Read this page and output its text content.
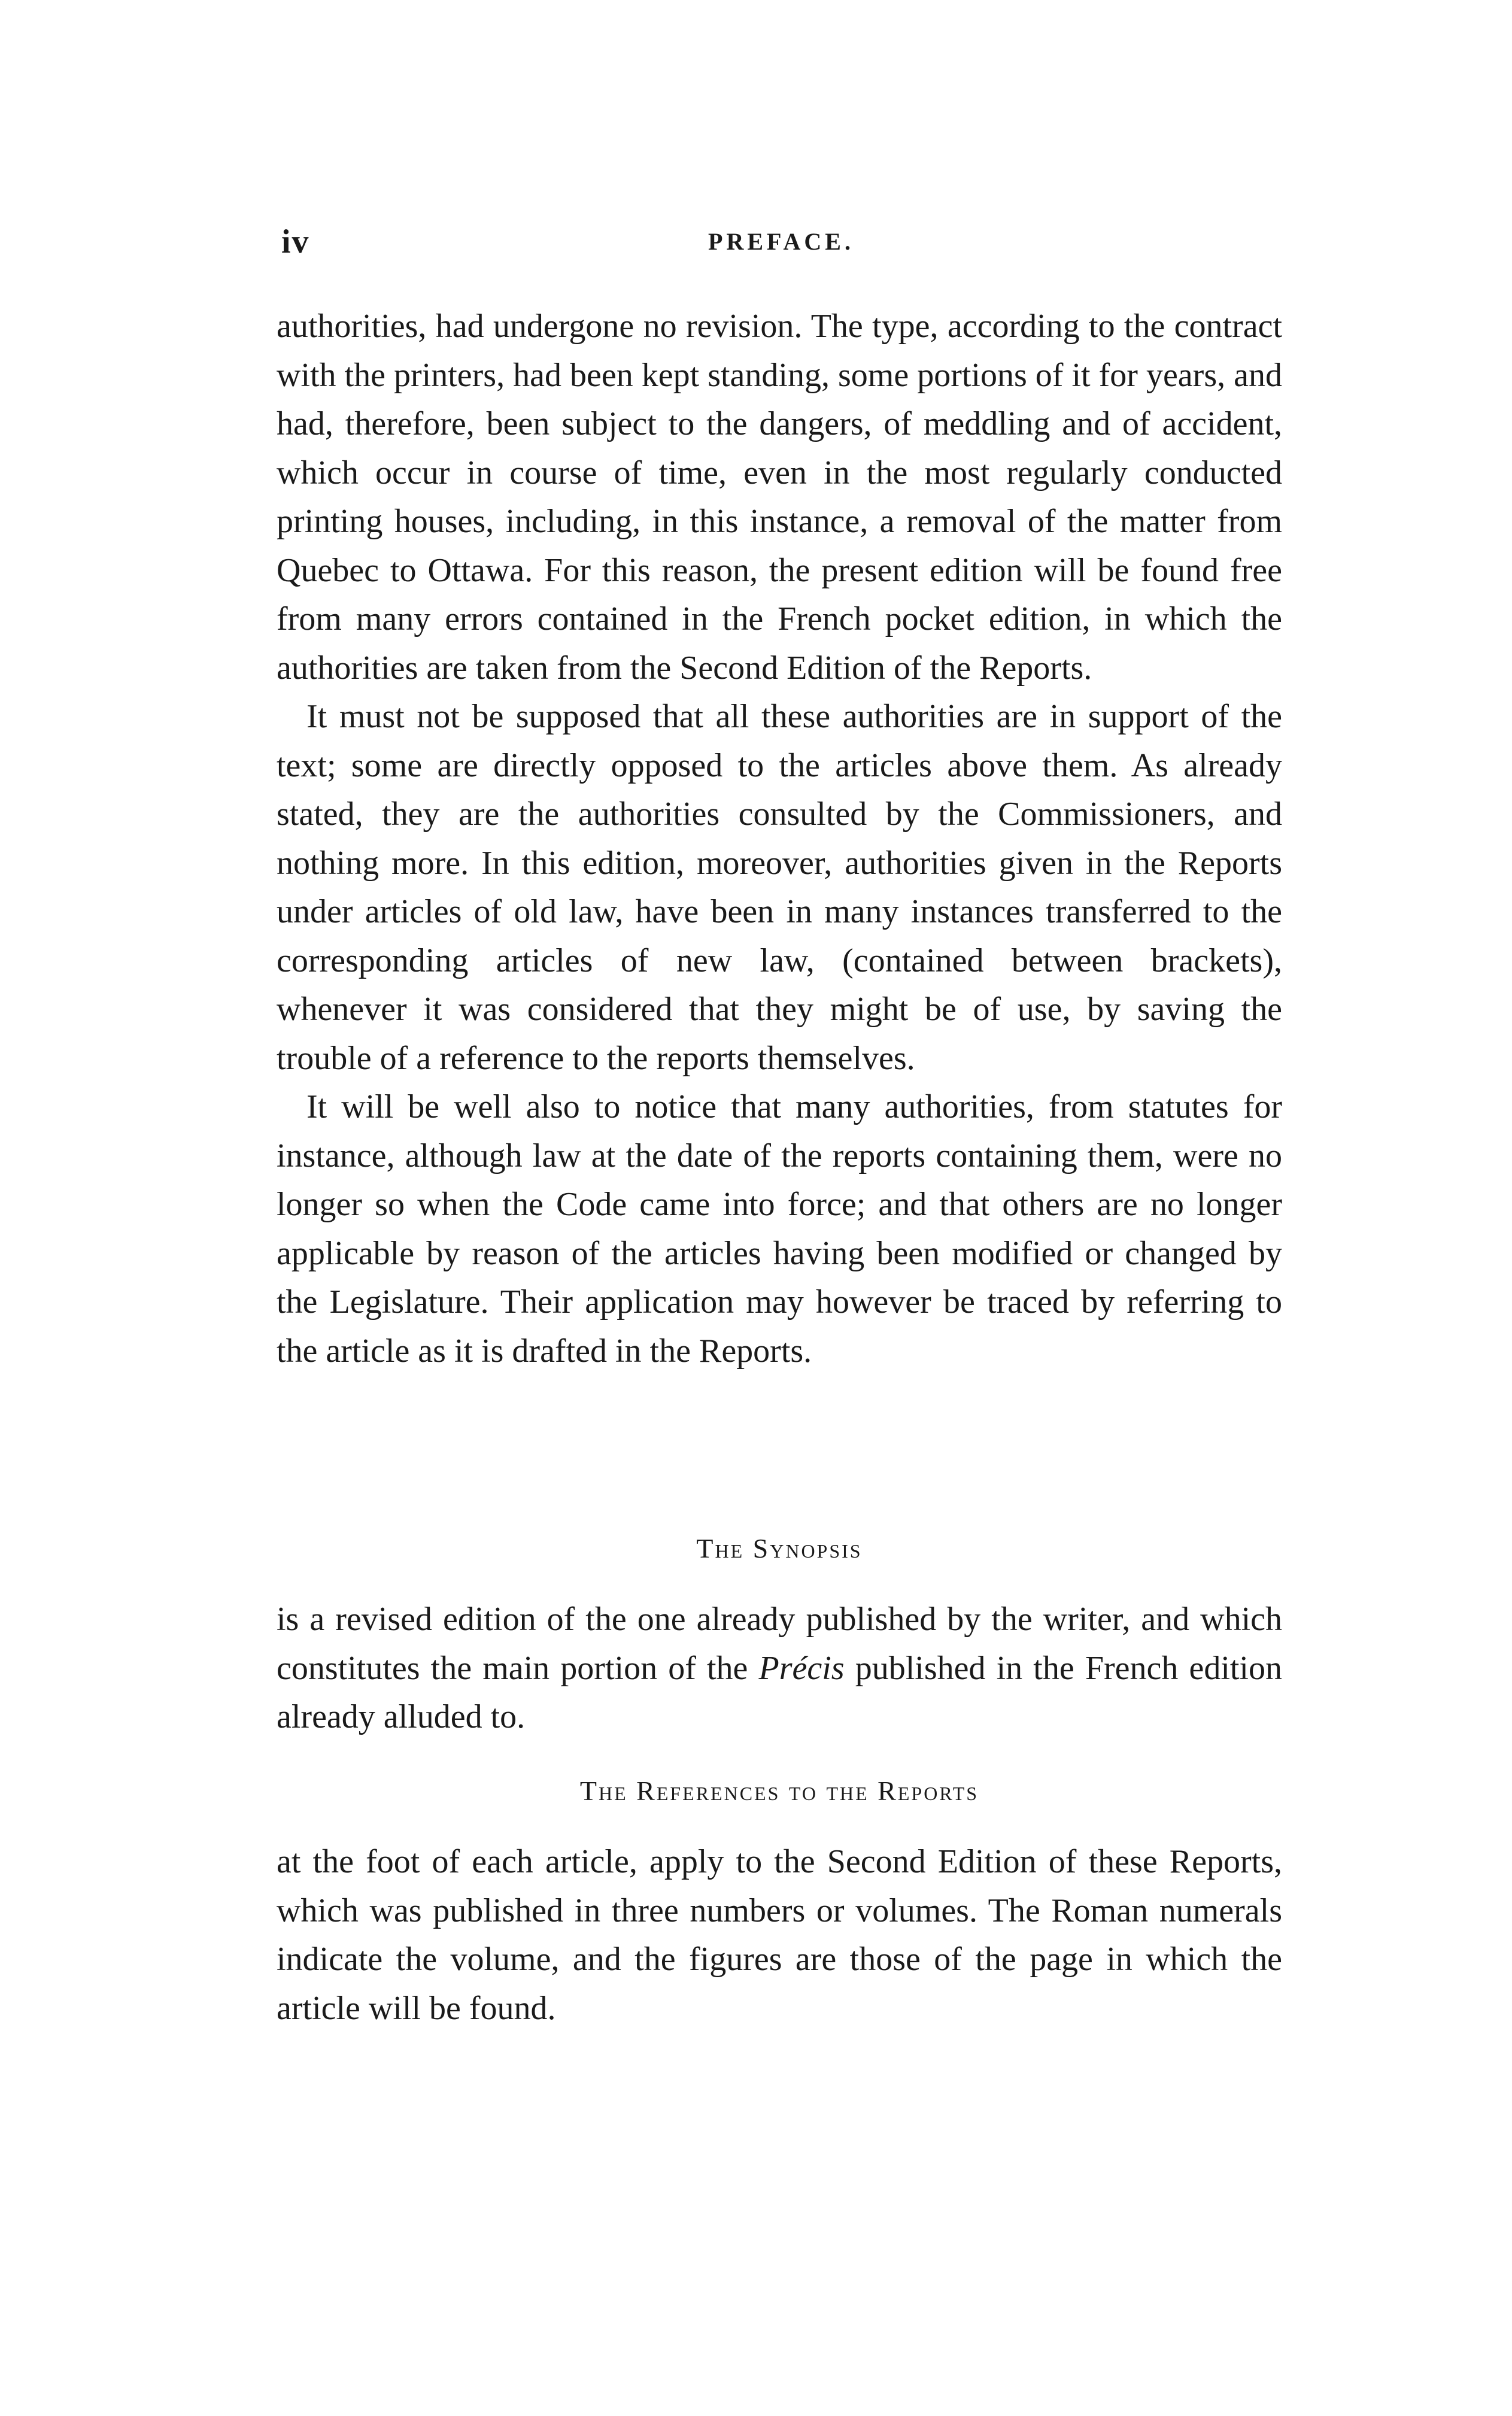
iv	PREFACE.

authorities, had undergone no revision. The type, according to the contract with the printers, had been kept standing, some portions of it for years, and had, therefore, been subject to the dangers, of meddling and of accident, which occur in course of time, even in the most regularly conducted printing houses, including, in this instance, a removal of the matter from Quebec to Ottawa. For this reason, the present edition will be found free from many errors contained in the French pocket edition, in which the authorities are taken from the Second Edition of the Reports.

It must not be supposed that all these authorities are in support of the text; some are directly opposed to the articles above them. As already stated, they are the authorities consulted by the Commissioners, and nothing more. In this edition, moreover, authorities given in the Reports under articles of old law, have been in many instances transferred to the corresponding articles of new law, (contained between brackets), whenever it was considered that they might be of use, by saving the trouble of a reference to the reports themselves.

It will be well also to notice that many authorities, from statutes for instance, although law at the date of the reports containing them, were no longer so when the Code came into force; and that others are no longer applicable by reason of the articles having been modified or changed by the Legislature. Their application may however be traced by referring to the article as it is drafted in the Reports.

The Synopsis

is a revised edition of the one already published by the writer, and which constitutes the main portion of the Précis published in the French edition already alluded to.

The References to the Reports

at the foot of each article, apply to the Second Edition of these Reports, which was published in three numbers or volumes. The Roman numerals indicate the volume, and the figures are those of the page in which the article will be found.
